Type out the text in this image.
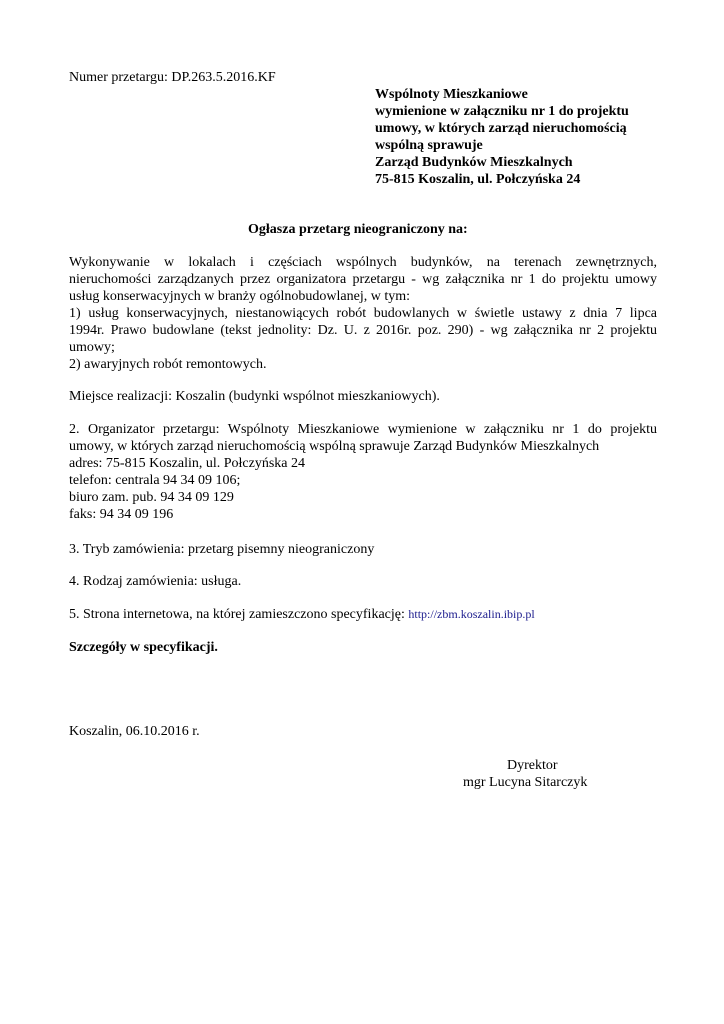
Numer przetargu: DP.263.5.2016.KF
Wspólnoty Mieszkaniowe
wymienione w załączniku nr 1 do projektu
umowy, w których zarząd nieruchomością
wspólną sprawuje
Zarząd Budynków Mieszkalnych
75-815 Koszalin, ul. Połczyńska 24
Ogłasza przetarg nieograniczony na:
Wykonywanie w lokalach i częściach wspólnych budynków, na terenach zewnętrznych,
nieruchomości zarządzanych przez organizatora przetargu - wg załącznika nr 1 do projektu umowy
usług konserwacyjnych w branży ogólnobudowlanej, w tym:
1) usług konserwacyjnych, niestanowiących robót budowlanych w świetle ustawy z dnia 7 lipca
1994r. Prawo budowlane (tekst jednolity: Dz. U. z 2016r. poz. 290) - wg załącznika nr 2 projektu
umowy;
2) awaryjnych robót remontowych.
Miejsce realizacji: Koszalin (budynki wspólnot mieszkaniowych).
2. Organizator przetargu: Wspólnoty Mieszkaniowe wymienione w załączniku nr 1 do projektu
umowy, w których zarząd nieruchomością wspólną sprawuje Zarząd Budynków Mieszkalnych
adres: 75-815 Koszalin, ul. Połczyńska 24
telefon: centrala 94 34 09 106;
biuro zam. pub. 94 34 09 129
faks: 94 34 09 196
3. Tryb zamówienia: przetarg pisemny nieograniczony
4. Rodzaj zamówienia: usługa.
5. Strona internetowa, na której zamieszczono specyfikację: http://zbm.koszalin.ibip.pl
Szczegóły w specyfikacji.
Koszalin, 06.10.2016 r.
Dyrektor
mgr Lucyna Sitarczyk
